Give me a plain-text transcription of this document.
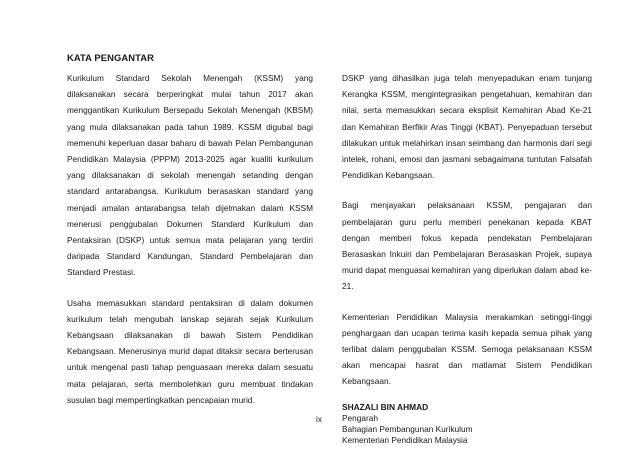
KATA PENGANTAR

Kurikulum Standard Sekolah Menengah (KSSM) yang dilaksanakan secara berperingkat mulai tahun 2017 akan menggantikan Kurikulum Bersepadu Sekolah Menengah (KBSM) yang mula dilaksanakan pada tahun 1989. KSSM digubal bagi memenuhi keperluan dasar baharu di bawah Pelan Pembangunan Pendidikan Malaysia (PPPM) 2013-2025 agar kualiti kurikulum yang dilaksanakan di sekolah menengah setanding dengan standard antarabangsa. Kurikulum berasaskan standard yang menjadi amalan antarabangsa telah dijelmakan dalam KSSM menerusi penggubalan Dokumen Standard Kurikulum dan Pentaksiran (DSKP) untuk semua mata pelajaran yang terdiri daripada Standard Kandungan, Standard Pembelajaran dan Standard Prestasi.

Usaha memasukkan standard pentaksiran di dalam dokumen kurikulum telah mengubah lanskap sejarah sejak Kurikulum Kebangsaan dilaksanakan di bawah Sistem Pendidikan Kebangsaan. Menerusinya murid dapat ditaksir secara berterusan untuk mengenal pasti tahap penguasaan mereka dalam sesuatu mata pelajaran, serta membolehkan guru membuat tindakan susulan bagi mempertingkatkan pencapaian murid.

DSKP yang dihasilkan juga telah menyepadukan enam tunjang Kerangka KSSM, mengintegrasikan pengetahuan, kemahiran dan nilai, serta memasukkan secara eksplisit Kemahiran Abad Ke-21 dan Kemahiran Berfikir Aras Tinggi (KBAT). Penyepaduan tersebut dilakukan untuk melahirkan insan seimbang dan harmonis dari segi intelek, rohani, emosi dan jasmani sebagaimana tuntutan Falsafah Pendidikan Kebangsaan.

Bagi menjayakan pelaksanaan KSSM, pengajaran dan pembelajaran guru perlu memberi penekanan kepada KBAT dengan memberi fokus kepada pendekatan Pembelajaran Berasaskan Inkuiri dan Pembelajaran Berasaskan Projek, supaya murid dapat menguasai kemahiran yang diperlukan dalam abad ke-21.

Kementerian Pendidikan Malaysia merakamkan setinggi-tinggi penghargaan dan ucapan terima kasih kepada semua pihak yang terlibat dalam penggubalan KSSM. Semoga pelaksanaan KSSM akan mencapai hasrat dan matlamat Sistem Pendidikan Kebangsaan.

SHAZALI BIN AHMAD
Pengarah
Bahagian Pembangunan Kurikulum
Kementerian Pendidikan Malaysia
ix
